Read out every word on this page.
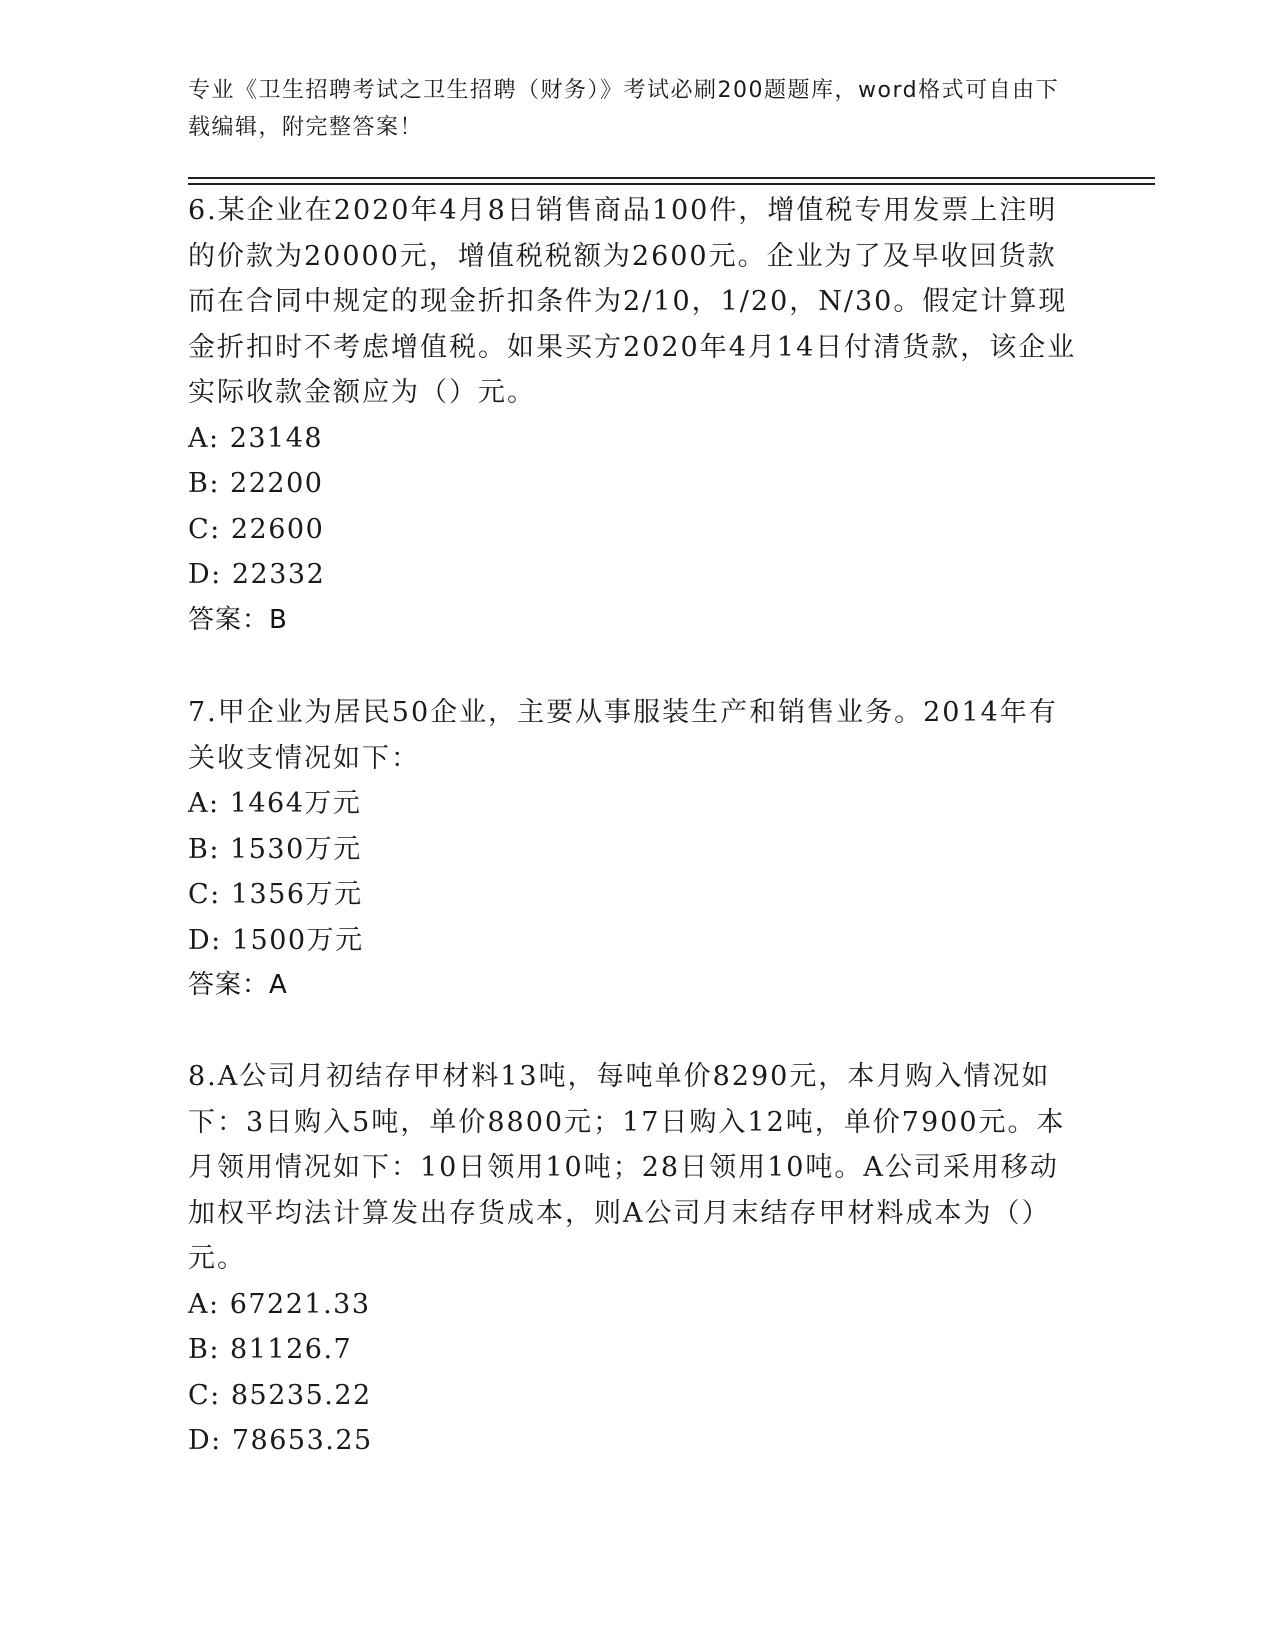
专业《卫生招聘考试之卫生招聘（财务）》考试必刷200题题库，word格式可自由下载编辑，附完整答案！

6.某企业在2020年4月8日销售商品100件，增值税专用发票上注明的价款为20000元，增值税税额为2600元。企业为了及早收回货款而在合同中规定的现金折扣条件为2/10，1/20，N/30。假定计算现金折扣时不考虑增值税。如果买方2020年4月14日付清货款，该企业实际收款金额应为（）元。

A: 23148

B: 22200

C: 22600

D: 22332

答案：B

7.甲企业为居民50企业，主要从事服装生产和销售业务。2014年有关收支情况如下：

A: 1464万元

B: 1530万元

C: 1356万元

D: 1500万元

答案：A

8.A公司月初结存甲材料13吨，每吨单价8290元，本月购入情况如下：3日购入5吨，单价8800元；17日购入12吨，单价7900元。本月领用情况如下：10日领用10吨；28日领用10吨。A公司采用移动加权平均法计算发出存货成本，则A公司月末结存甲材料成本为（）元。

A: 67221.33

B: 81126.7

C: 85235.22

D: 78653.25
